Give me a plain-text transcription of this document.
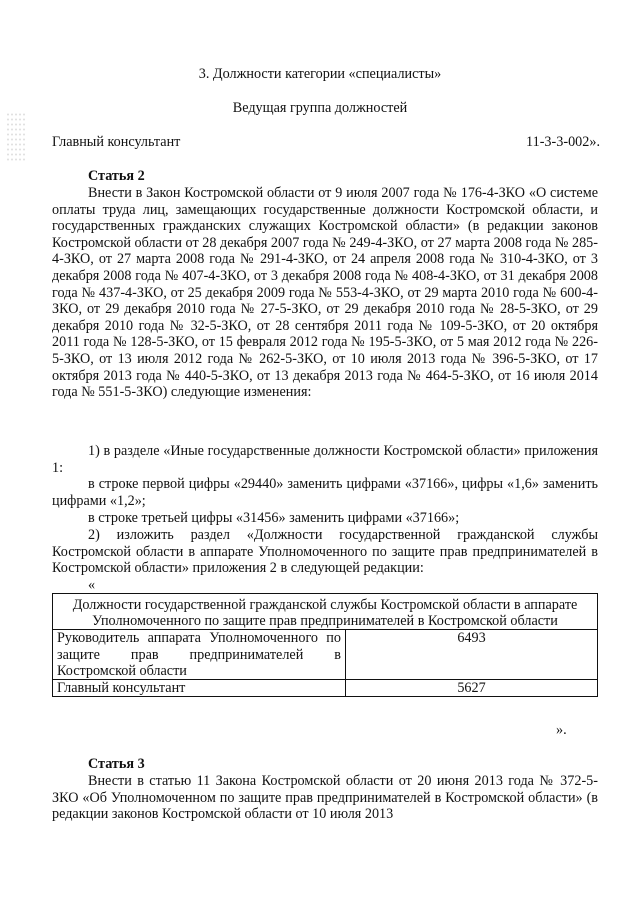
3. Должности категории «специалисты»
Ведущая группа должностей
Главный консультант	11-3-3-002».
Статья 2
Внести в Закон Костромской области от 9 июля 2007 года № 176-4-ЗКО «О системе оплаты труда лиц, замещающих государственные должности Костромской области, и государственных гражданских служащих Костромской области» (в редакции законов Костромской области от 28 декабря 2007 года № 249-4-ЗКО, от 27 марта 2008 года № 285-4-ЗКО, от 27 марта 2008 года № 291-4-ЗКО, от 24 апреля 2008 года № 310-4-ЗКО, от 3 декабря 2008 года № 407-4-ЗКО, от 3 декабря 2008 года № 408-4-ЗКО, от 31 декабря 2008 года № 437-4-ЗКО, от 25 декабря 2009 года № 553-4-ЗКО, от 29 марта 2010 года № 600-4-ЗКО, от 29 декабря 2010 года № 27-5-ЗКО, от 29 декабря 2010 года № 28-5-ЗКО, от 29 декабря 2010 года № 32-5-ЗКО, от 28 сентября 2011 года № 109-5-ЗКО, от 20 октября 2011 года № 128-5-ЗКО, от 15 февраля 2012 года № 195-5-ЗКО, от 5 мая 2012 года № 226-5-ЗКО, от 13 июля 2012 года № 262-5-ЗКО, от 10 июля 2013 года № 396-5-ЗКО, от 17 октября 2013 года № 440-5-ЗКО, от 13 декабря 2013 года № 464-5-ЗКО, от 16 июля 2014 года № 551-5-ЗКО) следующие изменения:
1) в разделе «Иные государственные должности Костромской области» приложения 1:
в строке первой цифры «29440» заменить цифрами «37166», цифры «1,6» заменить цифрами «1,2»;
в строке третьей цифры «31456» заменить цифрами «37166»;
2) изложить раздел «Должности государственной гражданской службы Костромской области в аппарате Уполномоченного по защите прав предпринимателей в Костромской области» приложения 2 в следующей редакции:
«
Должности государственной гражданской службы Костромской области в аппарате Уполномоченного по защите прав предпринимателей в Костромской области	
Руководитель аппарата Уполномоченного по защите прав предпринимателей в Костромской области	6493
Главный консультант	5627
».
Статья 3
Внести в статью 11 Закона Костромской области от 20 июня 2013 года № 372-5-ЗКО «Об Уполномоченном по защите прав предпринимателей в Костромской области» (в редакции законов Костромской области от 10 июля 2013
